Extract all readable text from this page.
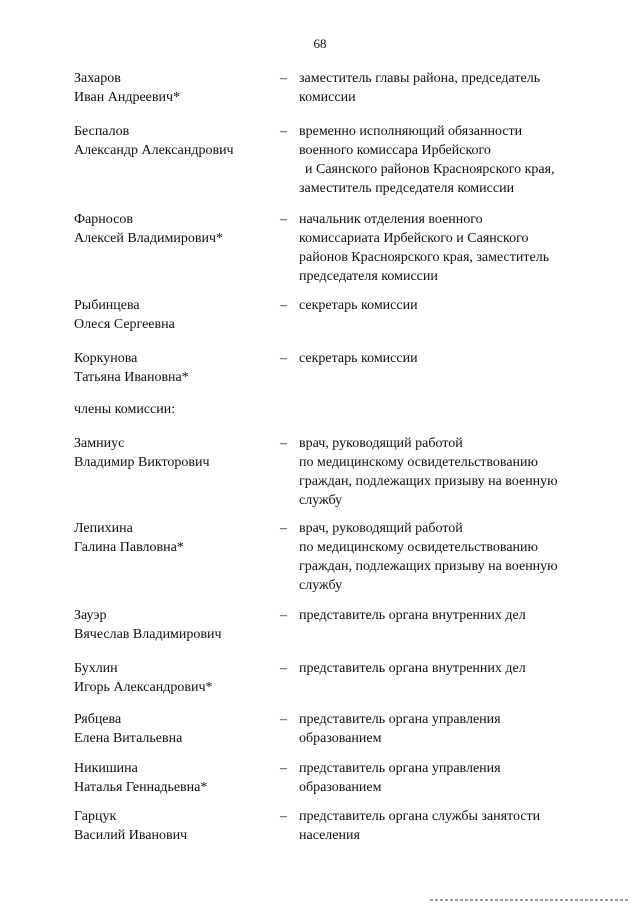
68
Захаров
Иван Андреевич*
– заместитель главы района, председатель
комиссии
Беспалов
Александр Александрович
– временно исполняющий обязанности
военного комиссара Ирбейского
и Саянского районов Красноярского края,
заместитель председателя комиссии
Фарносов
Алексей Владимирович*
– начальник отделения военного
комиссариата Ирбейского и Саянского
районов Красноярского края, заместитель
председателя комиссии
Рыбинцева
Олеся Сергеевна
– секретарь комиссии
Коркунова
Татьяна Ивановна*
– секретарь комиссии
члены комиссии:
Замниус
Владимир Викторович
– врач, руководящий работой
по медицинскому освидетельствованию
граждан, подлежащих призыву на военную
службу
Лепихина
Галина Павловна*
– врач, руководящий работой
по медицинскому освидетельствованию
граждан, подлежащих призыву на военную
службу
Зауэр
Вячеслав Владимирович
– представитель органа внутренних дел
Бухлин
Игорь Александрович*
– представитель органа внутренних дел
Рябцева
Елена Витальевна
– представитель органа управления
образованием
Никишина
Наталья Геннадьевна*
– представитель органа управления
образованием
Гарцук
Василий Иванович
– представитель органа службы занятости
населения
